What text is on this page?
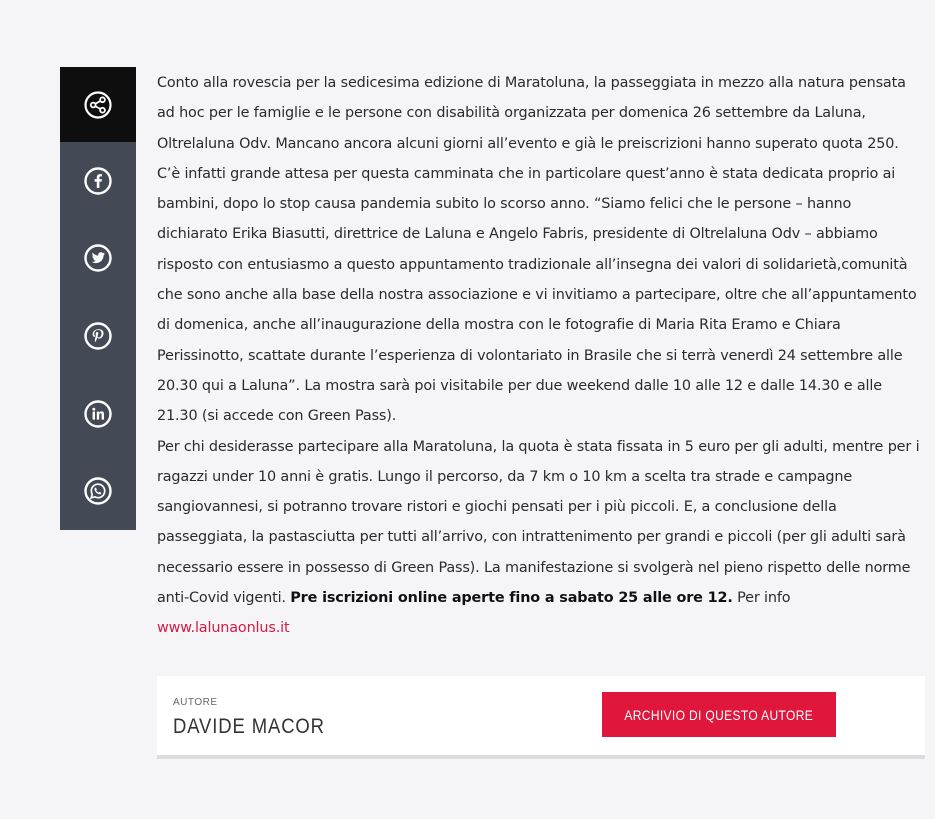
Conto alla rovescia per la sedicesima edizione di Maratoluna, la passeggiata in mezzo alla natura pensata ad hoc per le famiglie e le persone con disabilità organizzata per domenica 26 settembre da Laluna, Oltrelaluna Odv. Mancano ancora alcuni giorni all’evento e già le preiscrizioni hanno superato quota 250. C’è infatti grande attesa per questa camminata che in particolare quest’anno è stata dedicata proprio ai bambini, dopo lo stop causa pandemia subito lo scorso anno. “Siamo felici che le persone – hanno dichiarato Erika Biasutti, direttrice de Laluna e Angelo Fabris, presidente di Oltrelaluna Odv – abbiamo risposto con entusiasmo a questo appuntamento tradizionale all’insegna dei valori di solidarietà,comunità che sono anche alla base della nostra associazione e vi invitiamo a partecipare, oltre che all’appuntamento di domenica, anche all’inaugurazione della mostra con le fotografie di Maria Rita Eramo e Chiara Perissinotto, scattate durante l’esperienza di volontariato in Brasile che si terrà venerdì 24 settembre alle 20.30 qui a Laluna”. La mostra sarà poi visitabile per due weekend dalle 10 alle 12 e dalle 14.30 e alle 21.30 (si accede con Green Pass).

Per chi desiderasse partecipare alla Maratoluna, la quota è stata fissata in 5 euro per gli adulti, mentre per i ragazzi under 10 anni è gratis. Lungo il percorso, da 7 km o 10 km a scelta tra strade e campagne sangiovannesi, si potranno trovare ristori e giochi pensati per i più piccoli. E, a conclusione della passeggiata, la pastasciutta per tutti all’arrivo, con intrattenimento per grandi e piccoli (per gli adulti sarà necessario essere in possesso di Green Pass). La manifestazione si svolgerà nel pieno rispetto delle norme anti-Covid vigenti. Pre iscrizioni online aperte fino a sabato 25 alle ore 12. Per info www.lalunaonlus.it

AUTORE
DAVIDE MACOR
ARCHIVIO DI QUESTO AUTORE
